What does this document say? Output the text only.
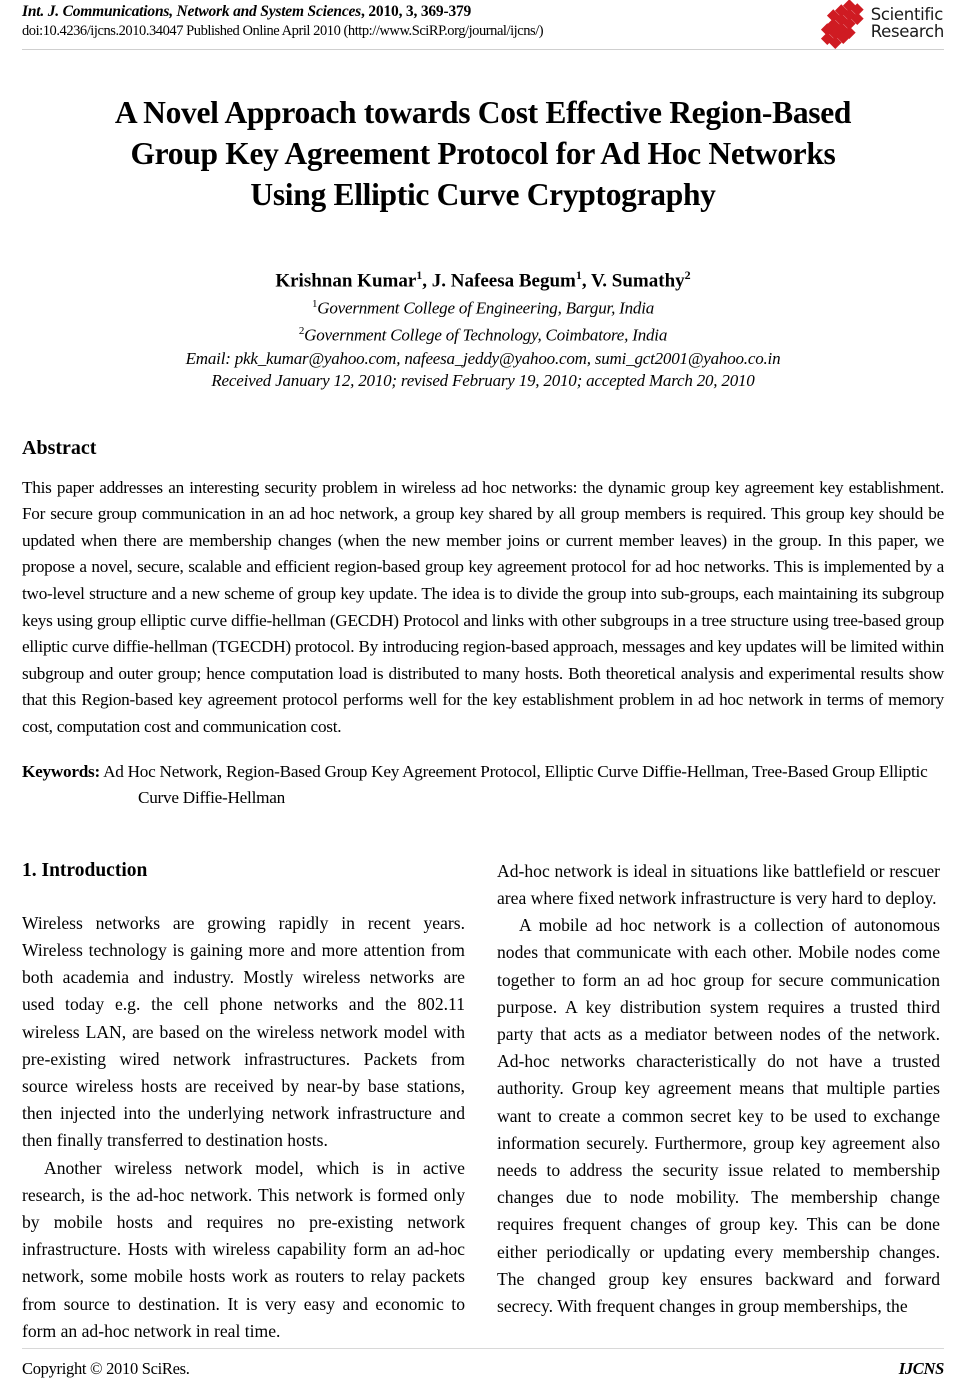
Int. J. Communications, Network and System Sciences, 2010, 3, 369-379
doi:10.4236/ijcns.2010.34047 Published Online April 2010 (http://www.SciRP.org/journal/ijcns/)
Scientific
Research
A Novel Approach towards Cost Effective Region-Based
Group Key Agreement Protocol for Ad Hoc Networks
Using Elliptic Curve Cryptography
Krishnan Kumar$^1$, J. Nafeesa Begum$^1$, V. Sumathy$^2$
$^1$Government College of Engineering, Bargur, India
$^2$Government College of Technology, Coimbatore, India
Email: pkk_kumar@yahoo.com, nafeesa_jeddy@yahoo.com, sumi_gct2001@yahoo.co.in
Received January 12, 2010; revised February 19, 2010; accepted March 20, 2010
Abstract
This paper addresses an interesting security problem in wireless ad hoc networks: the dynamic group key agreement key establishment. For secure group communication in an ad hoc network, a group key shared by all group members is required. This group key should be updated when there are membership changes (when the new member joins or current member leaves) in the group. In this paper, we propose a novel, secure, scalable and efficient region-based group key agreement protocol for ad hoc networks. This is implemented by a two-level structure and a new scheme of group key update. The idea is to divide the group into sub-groups, each maintaining its subgroup keys using group elliptic curve diffie-hellman (GECDH) Protocol and links with other subgroups in a tree structure using tree-based group elliptic curve diffie-hellman (TGECDH) protocol. By introducing region-based approach, messages and key updates will be limited within subgroup and outer group; hence computation load is distributed to many hosts. Both theoretical analysis and experimental results show that this Region-based key agreement protocol performs well for the key establishment problem in ad hoc network in terms of memory cost, computation cost and communication cost.
Keywords: Ad Hoc Network, Region-Based Group Key Agreement Protocol, Elliptic Curve Diffie-Hellman, Tree-Based Group Elliptic Curve Diffie-Hellman
1. Introduction

Wireless networks are growing rapidly in recent years. Wireless technology is gaining more and more attention from both academia and industry. Mostly wireless networks are used today e.g. the cell phone networks and the 802.11 wireless LAN, are based on the wireless network model with pre-existing wired network infrastructures. Packets from source wireless hosts are received by near-by base stations, then injected into the underlying network infrastructure and then finally transferred to destination hosts.

Another wireless network model, which is in active research, is the ad-hoc network. This network is formed only by mobile hosts and requires no pre-existing network infrastructure. Hosts with wireless capability form an ad-hoc network, some mobile hosts work as routers to relay packets from source to destination. It is very easy and economic to form an ad-hoc network in real time.

Ad-hoc network is ideal in situations like battlefield or rescuer area where fixed network infrastructure is very hard to deploy.

A mobile ad hoc network is a collection of autonomous nodes that communicate with each other. Mobile nodes come together to form an ad hoc group for secure communication purpose. A key distribution system requires a trusted third party that acts as a mediator between nodes of the network. Ad-hoc networks characteristically do not have a trusted authority. Group key agreement means that multiple parties want to create a common secret key to be used to exchange information securely. Furthermore, group key agreement also needs to address the security issue related to membership changes due to node mobility. The membership change requires frequent changes of group key. This can be done either periodically or updating every membership changes. The changed group key ensures backward and forward secrecy. With frequent changes in group memberships, the

Copyright © 2010 SciRes.	IJCNS
